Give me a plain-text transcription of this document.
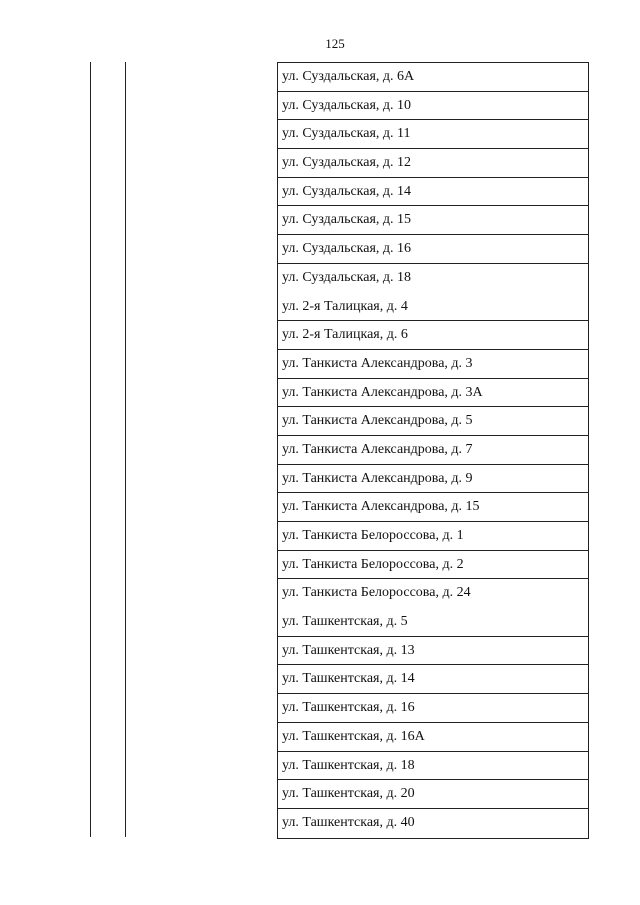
125
ул. Суздальская, д. 6А
ул. Суздальская, д. 10
ул. Суздальская, д. 11
ул. Суздальская, д. 12
ул. Суздальская, д. 14
ул. Суздальская, д. 15
ул. Суздальская, д. 16
ул. Суздальская, д. 18
ул. 2-я Талицкая, д. 4
ул. 2-я Талицкая, д. 6
ул. Танкиста Александрова, д. 3
ул. Танкиста Александрова, д. 3А
ул. Танкиста Александрова, д. 5
ул. Танкиста Александрова, д. 7
ул. Танкиста Александрова, д. 9
ул. Танкиста Александрова, д. 15
ул. Танкиста Белороссова, д. 1
ул. Танкиста Белороссова, д. 2
ул. Танкиста Белороссова, д. 24
ул. Ташкентская, д. 5
ул. Ташкентская, д. 13
ул. Ташкентская, д. 14
ул. Ташкентская, д. 16
ул. Ташкентская, д. 16А
ул. Ташкентская, д. 18
ул. Ташкентская, д. 20
ул. Ташкентская, д. 40
